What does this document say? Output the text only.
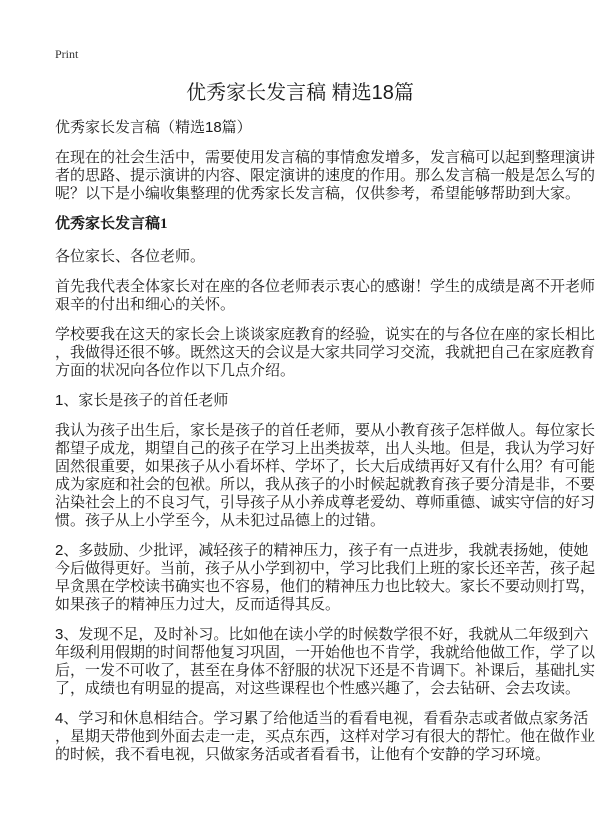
Print
优秀家长发言稿 精选18篇
优秀家长发言稿（精选18篇）
在现在的社会生活中，需要使用发言稿的事情愈发增多，发言稿可以起到整理演讲
者的思路、提示演讲的内容、限定演讲的速度的作用。那么发言稿一般是怎么写的
呢？以下是小编收集整理的优秀家长发言稿，仅供参考，希望能够帮助到大家。
优秀家长发言稿1
各位家长、各位老师。
首先我代表全体家长对在座的各位老师表示衷心的感谢！学生的成绩是离不开老师
艰辛的付出和细心的关怀。
学校要我在这天的家长会上谈谈家庭教育的经验，说实在的与各位在座的家长相比
，我做得还很不够。既然这天的会议是大家共同学习交流，我就把自己在家庭教育
方面的状况向各位作以下几点介绍。
1、家长是孩子的首任老师
我认为孩子出生后，家长是孩子的首任老师，要从小教育孩子怎样做人。每位家长
都望子成龙，期望自己的孩子在学习上出类拔萃，出人头地。但是，我认为学习好
固然很重要，如果孩子从小看坏样、学坏了，长大后成绩再好又有什么用？有可能
成为家庭和社会的包袱。所以，我从孩子的小时候起就教育孩子要分清是非，不要
沾染社会上的不良习气，引导孩子从小养成尊老爱幼、尊师重德、诚实守信的好习
惯。孩子从上小学至今，从未犯过品德上的过错。
2、多鼓励、少批评，减轻孩子的精神压力，孩子有一点进步，我就表扬她，使她
今后做得更好。当前，孩子从小学到初中，学习比我们上班的家长还辛苦，孩子起
早贪黑在学校读书确实也不容易，他们的精神压力也比较大。家长不要动则打骂，
如果孩子的精神压力过大，反而适得其反。
3、发现不足，及时补习。比如他在读小学的时候数学很不好，我就从二年级到六
年级利用假期的时间帮他复习巩固，一开始他也不肯学，我就给他做工作，学了以
后，一发不可收了，甚至在身体不舒服的状况下还是不肯调下。补课后，基础扎实
了，成绩也有明显的提高，对这些课程也个性感兴趣了，会去钻研、会去攻读。
4、学习和休息相结合。学习累了给他适当的看看电视，看看杂志或者做点家务活
，星期天带他到外面去走一走，买点东西，这样对学习有很大的帮忙。他在做作业
的时候，我不看电视，只做家务活或者看看书，让他有个安静的学习环境。
